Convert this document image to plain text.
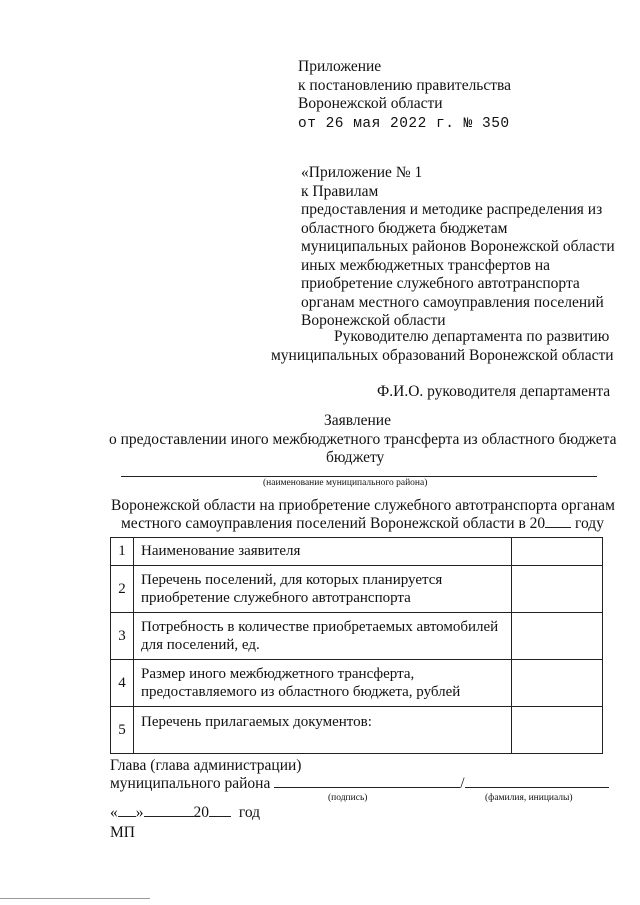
Приложение
к постановлению правительства
Воронежской области
от 26 мая 2022 г. № 350
«Приложение № 1
к Правилам
предоставления и методике распределения из
областного бюджета бюджетам
муниципальных районов Воронежской области
иных межбюджетных трансфертов на
приобретение служебного автотранспорта
органам местного самоуправления поселений
Воронежской области
Руководителю департамента по развитию
муниципальных образований Воронежской области
Ф.И.О. руководителя департамента
Заявление
о предоставлении иного межбюджетного трансферта из областного бюджета
бюджету
(наименование муниципального района)
Воронежской области на приобретение служебного автотранспорта органам
местного самоуправления поселений Воронежской области в 20 году
1	Наименование заявителя	

2	Перечень поселений, для которых планируется
приобретение служебного автотранспорта	

3	Потребность в количестве приобретаемых автомобилей
для поселений, ед.	

4	Размер иного межбюджетного трансферта,
предоставляемого из областного бюджета, рублей	

5	Перечень прилагаемых документов:	

Глава (глава администрации)
муниципального района	/
(подпись)	(фамилия, инициалы)
« »	20 год
МП
